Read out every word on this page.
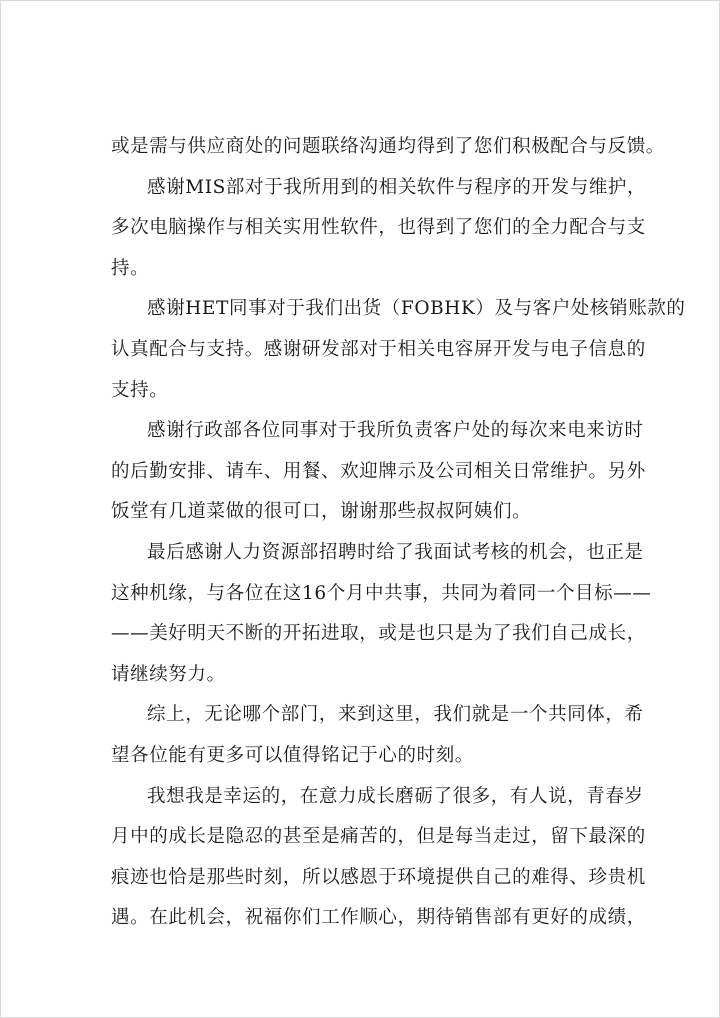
或是需与供应商处的问题联络沟通均得到了您们积极配合与反馈。
感谢MIS部对于我所用到的相关软件与程序的开发与维护，
多次电脑操作与相关实用性软件，也得到了您们的全力配合与支
持。
感谢HET同事对于我们出货（FOBHK）及与客户处核销账款的
认真配合与支持。感谢研发部对于相关电容屏开发与电子信息的
支持。
感谢行政部各位同事对于我所负责客户处的每次来电来访时
的后勤安排、请车、用餐、欢迎牌示及公司相关日常维护。另外
饭堂有几道菜做的很可口，谢谢那些叔叔阿姨们。
最后感谢人力资源部招聘时给了我面试考核的机会，也正是
这种机缘，与各位在这16个月中共事，共同为着同一个目标——
——美好明天不断的开拓进取，或是也只是为了我们自己成长，
请继续努力。
综上，无论哪个部门，来到这里，我们就是一个共同体，希
望各位能有更多可以值得铭记于心的时刻。
我想我是幸运的，在意力成长磨砺了很多，有人说，青春岁
月中的成长是隐忍的甚至是痛苦的，但是每当走过，留下最深的
痕迹也恰是那些时刻，所以感恩于环境提供自己的难得、珍贵机
遇。在此机会，祝福你们工作顺心，期待销售部有更好的成绩，
